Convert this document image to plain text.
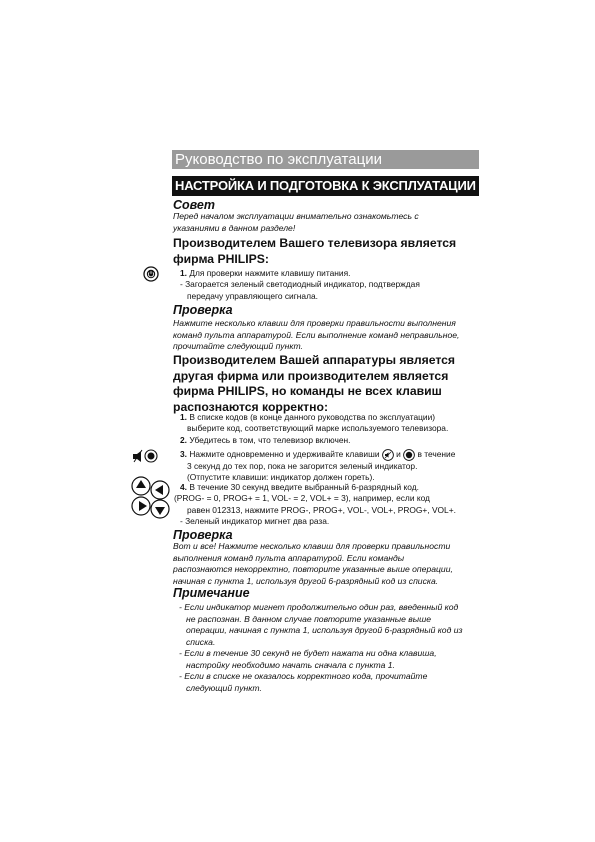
Руководство по эксплуатации
НАСТРОЙКА И ПОДГОТОВКА К ЭКСПЛУАТАЦИИ
Совет
Перед началом эксплуатации внимательно ознакомьтесь с
указаниями в данном разделе!
Производителем Вашего телевизора является
фирма PHILIPS:
1. Для проверки нажмите клавишу питания.
- Загорается зеленый светодиодный индикатор, подтверждая
передачу управляющего сигнала.
Проверка
Нажмите несколько клавиш для проверки правильности выполнения
команд пульта аппаратурой. Если выполнение команд неправильное,
прочитайте следующий пункт.
Производителем Вашей аппаратуры является
другая фирма или производителем является
фирма PHILIPS, но команды не всех клавиш
распознаются корректно:
1. В списке кодов (в конце данного руководства по эксплуатации)
выберите код, соответствующий марке используемого телевизора.
2. Убедитесь в том, что телевизор включен.
3. Нажмите одновременно и удерживайте клавиши и в течение
3 секунд до тех пор, пока не загорится зеленый индикатор.
(Отпустите клавиши: индикатор должен гореть).
4. В течение 30 секунд введите выбранный 6-разрядный код.
(PROG- = 0, PROG+ = 1, VOL- = 2, VOL+ = 3), например, если код
равен 012313, нажмите PROG-, PROG+, VOL-, VOL+, PROG+, VOL+.
- Зеленый индикатор мигнет два раза.
Проверка
Вот и все! Нажмите несколько клавиш для проверки правильности
выполнения команд пульта аппаратурой. Если команды
распознаются некорректно, повторите указанные выше операции,
начиная с пункта 1, используя другой 6-разрядный код из списка.
Примечание
- Если индикатор мигнет продолжительно один раз, введенный код
не распознан. В данном случае повторите указанные выше
операции, начиная с пункта 1, используя другой 6-разрядный код из
списка.
- Если в течение 30 секунд не будет нажата ни одна клавиша,
настройку необходимо начать сначала с пункта 1.
- Если в списке не оказалось корректного кода, прочитайте
следующий пункт.
